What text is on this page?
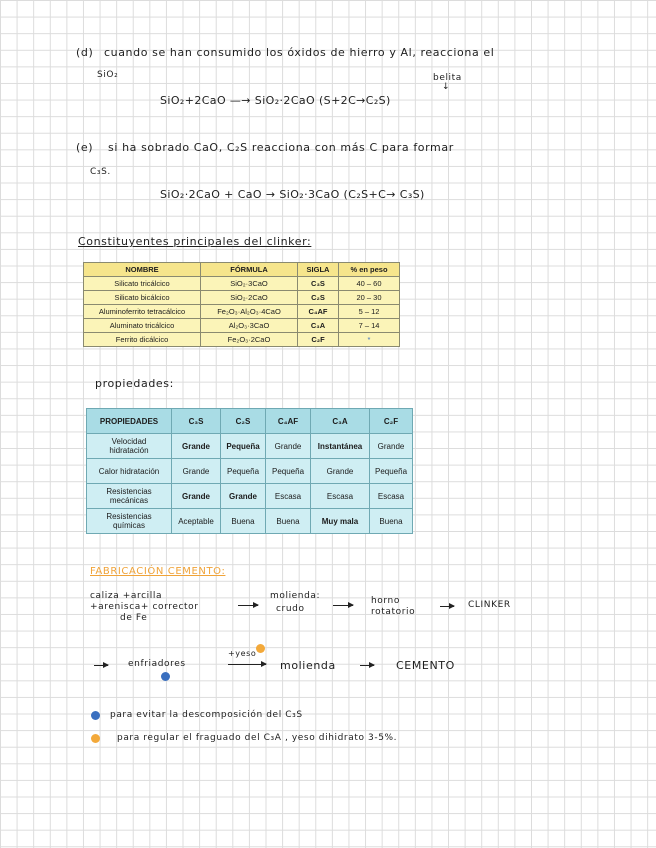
(d) cuando se han consumido los óxidos de hierro y Al, reacciona el
SiO₂	belita
↓
SiO₂+2CaO —→ SiO₂·2CaO (S+2C→C₂S)
(e) si ha sobrado CaO, C₂S reacciona con más C para formar
C₃S.
SiO₂·2CaO + CaO → SiO₂·3CaO (C₂S+C→ C₃S)
Constituyentes principales del clinker:
NOMBRE	FÓRMULA	SIGLA	% en peso
Silicato tricálcico	SiO₂·3CaO	C₃S	40 – 60
Silicato bicálcico	SiO₂·2CaO	C₂S	20 – 30
Aluminoferrito tetracálcico	Fe₂O₃·Al₂O₃·4CaO	C₄AF	5 – 12
Aluminato tricálcico	Al₂O₃·3CaO	C₃A	7 – 14
Ferrito dicálcico	Fe₂O₃·2CaO	C₂F	*
propiedades:
PROPIEDADES	C₃S	C₂S	C₄AF	C₃A	C₂F
Velocidad hidratación	Grande	Pequeña	Grande	Instantánea	Grande
Calor hidratación	Grande	Pequeña	Pequeña	Grande	Pequeña
Resistencias mecánicas	Grande	Grande	Escasa	Escasa	Escasa
Resistencias químicas	Aceptable	Buena	Buena	Muy mala	Buena
FABRICACIÓN CEMENTO:
caliza +arcilla
+arenisca+ corrector
de Fe
molienda:
crudo
horno
rotatorio
CLINKER
enfriadores
+yeso
molienda	CEMENTO
para evitar la descomposición del C₃S
para regular el fraguado del C₃A , yeso dihidrato 3-5%.
